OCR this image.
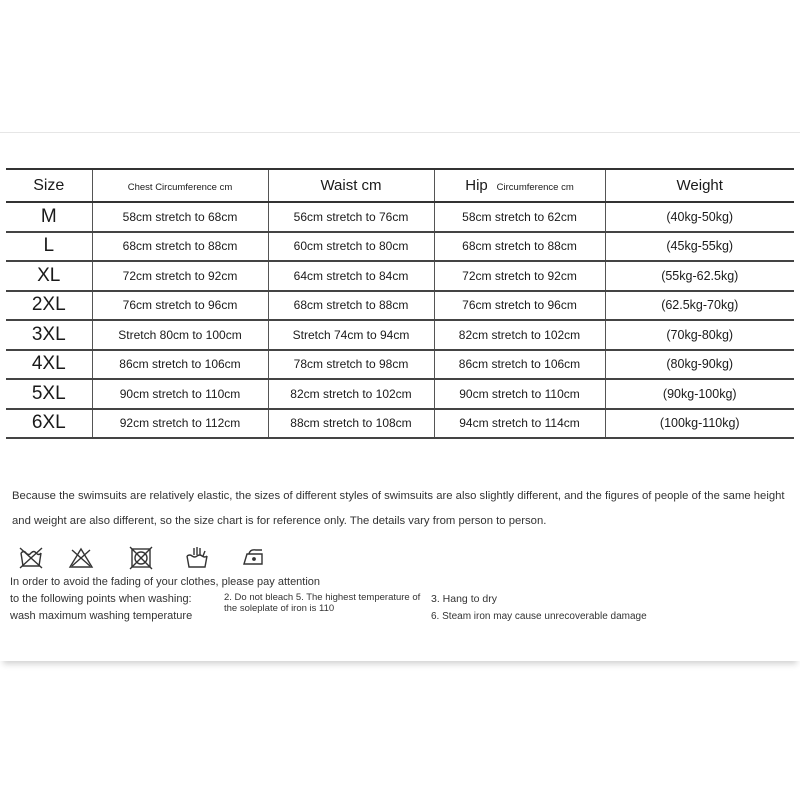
Size	Chest Circumference cm	Waist cm	Hip Circumference cm	Weight
M	58cm stretch to 68cm	56cm stretch to 76cm	58cm stretch to 62cm	(40kg-50kg)
L	68cm stretch to 88cm	60cm stretch to 80cm	68cm stretch to 88cm	(45kg-55kg)
XL	72cm stretch to 92cm	64cm stretch to 84cm	72cm stretch to 92cm	(55kg-62.5kg)
2XL	76cm stretch to 96cm	68cm stretch to 88cm	76cm stretch to 96cm	(62.5kg-70kg)
3XL	Stretch 80cm to 100cm	Stretch 74cm to 94cm	82cm stretch to 102cm	(70kg-80kg)
4XL	86cm stretch to 106cm	78cm stretch to 98cm	86cm stretch to 106cm	(80kg-90kg)
5XL	90cm stretch to 110cm	82cm stretch to 102cm	90cm stretch to 110cm	(90kg-100kg)
6XL	92cm stretch to 112cm	88cm stretch to 108cm	94cm stretch to 114cm	(100kg-110kg)
Because the swimsuits are relatively elastic, the sizes of different styles of swimsuits are also slightly different, and the figures of people of the same height and weight are also different, so the size chart is for reference only. The details vary from person to person.
In order to avoid the fading of your clothes, please pay attention
to the following points when washing:
wash maximum washing temperature
2. Do not bleach 5. The highest temperature of the soleplate of iron is 110
3. Hang to dry
6. Steam iron may cause unrecoverable damage
